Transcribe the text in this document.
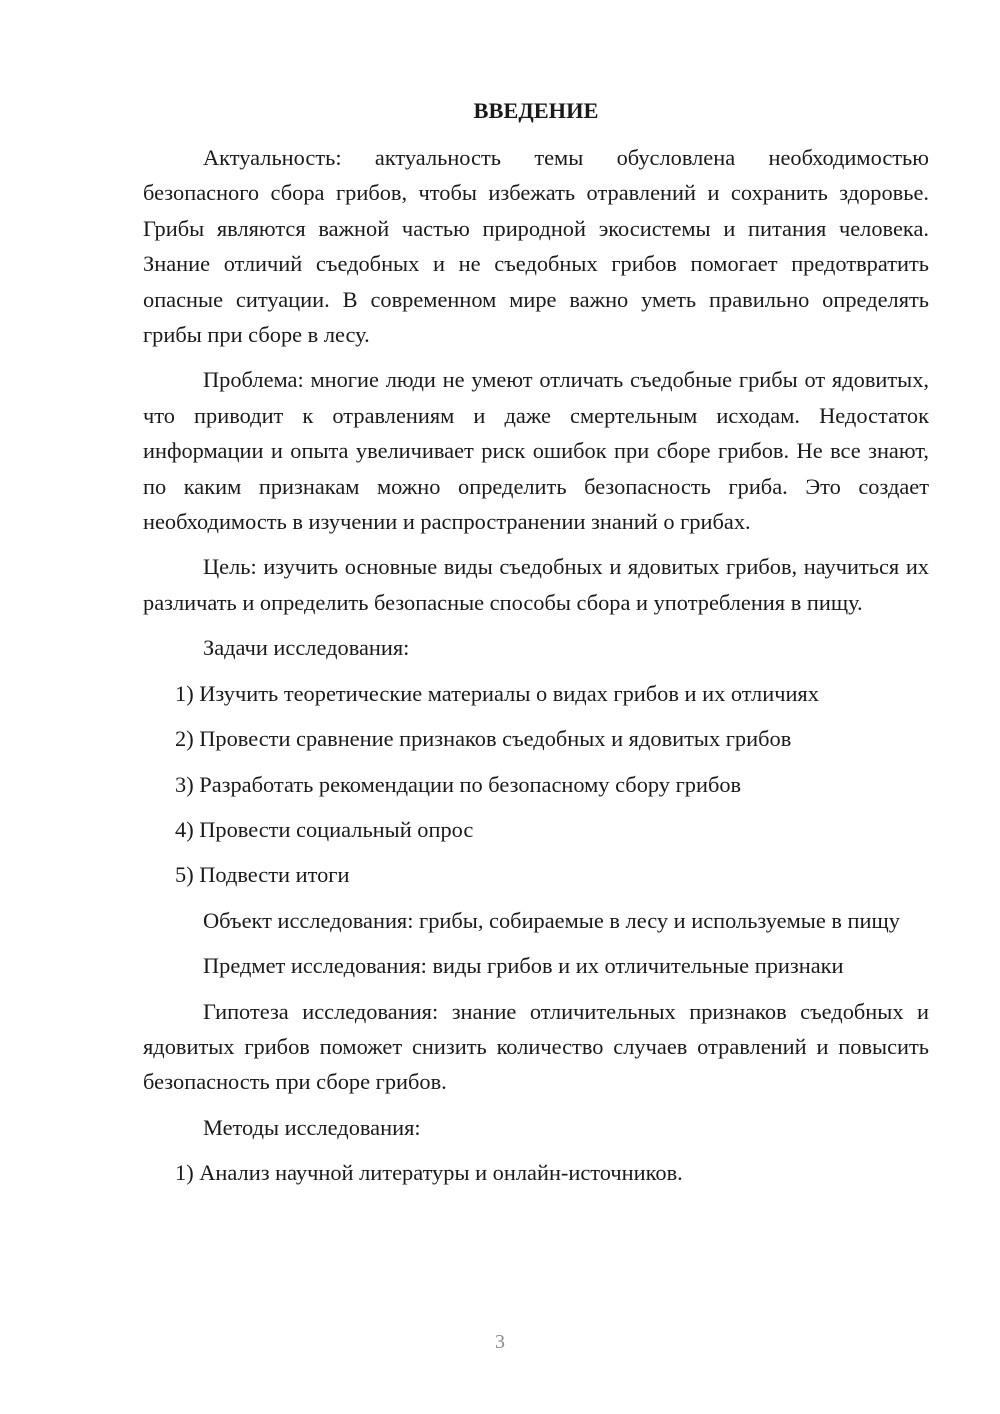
ВВЕДЕНИЕ

Актуальность: актуальность темы обусловлена необходимостью безопасного сбора грибов, чтобы избежать отравлений и сохранить здоровье. Грибы являются важной частью природной экосистемы и питания человека. Знание отличий съедобных и не съедобных грибов помогает предотвратить опасные ситуации. В современном мире важно уметь правильно определять грибы при сборе в лесу.

Проблема: многие люди не умеют отличать съедобные грибы от ядовитых, что приводит к отравлениям и даже смертельным исходам. Недостаток информации и опыта увеличивает риск ошибок при сборе грибов. Не все знают, по каким признакам можно определить безопасность гриба. Это создает необходимость в изучении и распространении знаний о грибах.

Цель: изучить основные виды съедобных и ядовитых грибов, научиться их различать и определить безопасные способы сбора и употребления в пищу.

Задачи исследования:
1) Изучить теоретические материалы о видах грибов и их отличиях
2) Провести сравнение признаков съедобных и ядовитых грибов
3) Разработать рекомендации по безопасному сбору грибов
4) Провести социальный опрос
5) Подвести итоги

Объект исследования: грибы, собираемые в лесу и используемые в пищу

Предмет исследования: виды грибов и их отличительные признаки

Гипотеза исследования: знание отличительных признаков съедобных и ядовитых грибов поможет снизить количество случаев отравлений и повысить безопасность при сборе грибов.

Методы исследования:
1) Анализ научной литературы и онлайн-источников.
3
